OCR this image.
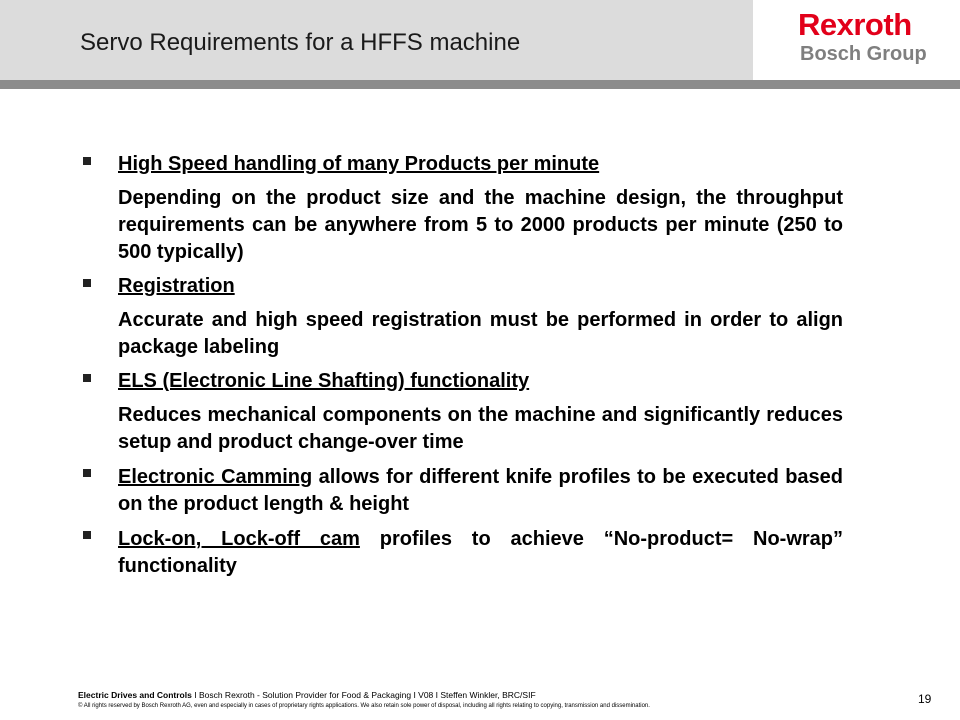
Rexroth
Bosch Group
Servo Requirements for a HFFS machine

High Speed handling of many Products per minute

Depending on the product size and the machine design, the throughput requirements can be anywhere from 5 to 2000 products per minute (250 to 500 typically)

Registration

Accurate and high speed registration must be performed in order to align package labeling

ELS (Electronic Line Shafting) functionality

Reduces mechanical components on the machine and significantly reduces setup and product change-over time

Electronic Camming allows for different knife profiles to be executed based on the product length & height

Lock-on, Lock-off cam profiles to achieve “No-product= No-wrap” functionality

Electric Drives and Controls I Bosch Rexroth - Solution Provider for Food & Packaging I V08 I Steffen Winkler, BRC/SIF
© All rights reserved by Bosch Rexroth AG, even and especially in cases of proprietary rights applications. We also retain sole power of disposal, including all rights relating to copying, transmission and dissemination.	19
